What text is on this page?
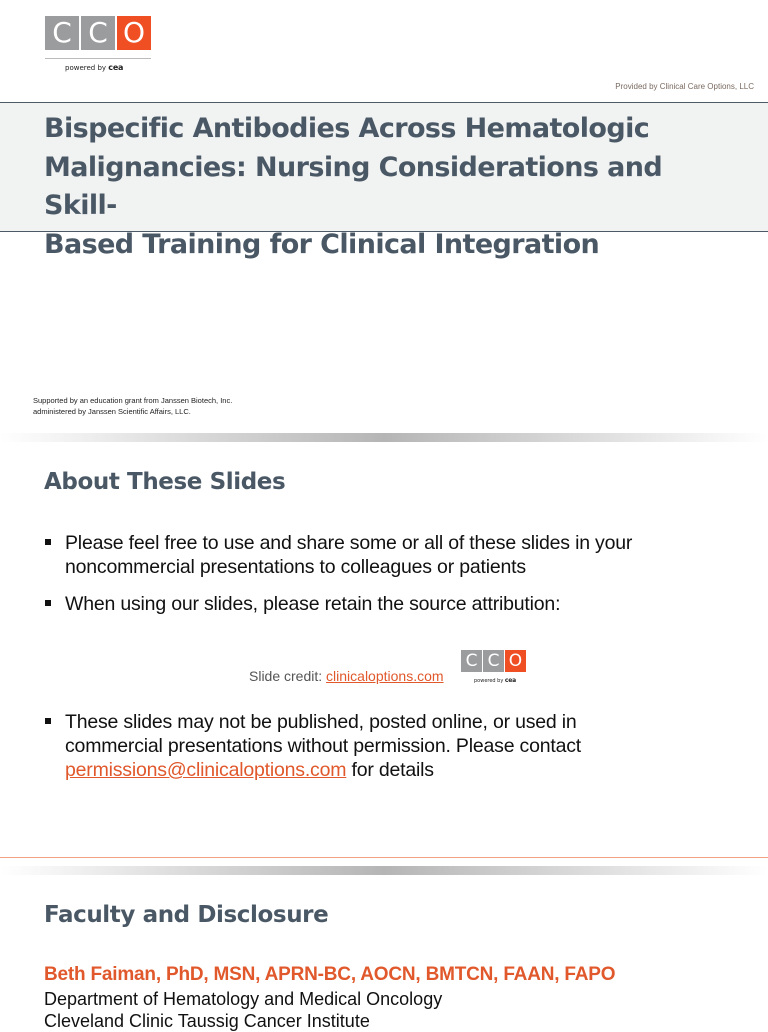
C C O
powered by cea
Provided by Clinical Care Options, LLC
Bispecific Antibodies Across Hematologic
Malignancies: Nursing Considerations and Skill-
Based Training for Clinical Integration
Supported by an education grant from Janssen Biotech, Inc.
administered by Janssen Scientific Affairs, LLC.
About These Slides
Please feel free to use and share some or all of these slides in your
noncommercial presentations to colleagues or patients
When using our slides, please retain the source attribution:
Slide credit: clinicaloptions.com
C C O
powered by cea
These slides may not be published, posted online, or used in
commercial presentations without permission. Please contact
permissions@clinicaloptions.com for details
Faculty and Disclosure
Beth Faiman, PhD, MSN, APRN-BC, AOCN, BMTCN, FAAN, FAPO
Department of Hematology and Medical Oncology
Cleveland Clinic Taussig Cancer Institute
